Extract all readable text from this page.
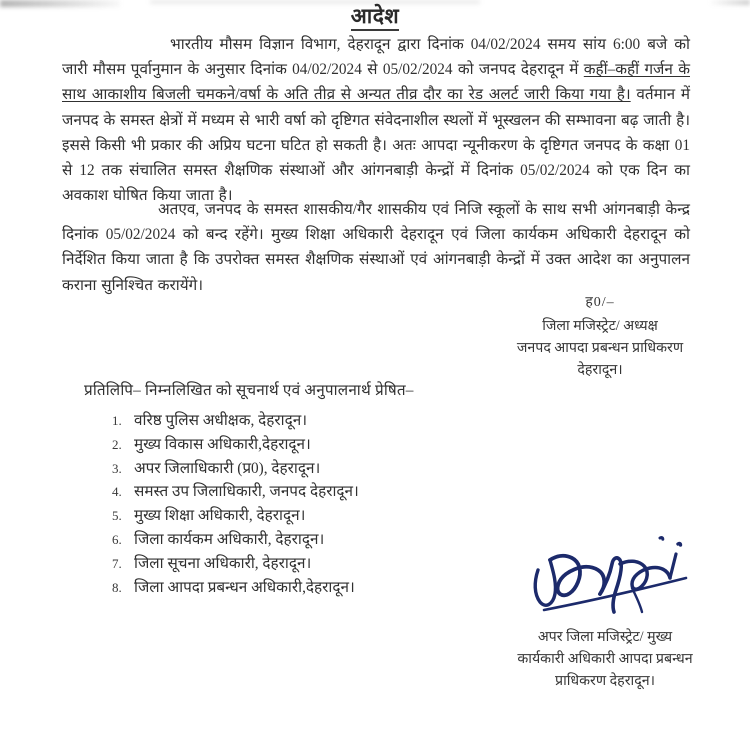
आदेश
भारतीय मौसम विज्ञान विभाग, देहरादून द्वारा दिनांक 04/02/2024 समय सांय 6:00 बजे को जारी मौसम पूर्वानुमान के अनुसार दिनांक 04/02/2024 से 05/02/2024 को जनपद देहरादून में कहीं–कहीं गर्जन के साथ आकाशीय बिजली चमकने/वर्षा के अति तीव्र से अन्यत तीव्र दौर का रेड अलर्ट जारी किया गया है। वर्तमान में जनपद के समस्त क्षेत्रों में मध्यम से भारी वर्षा को दृष्टिगत संवेदनाशील स्थलों में भूस्खलन की सम्भावना बढ़ जाती है। इससे किसी भी प्रकार की अप्रिय घटना घटित हो सकती है। अतः आपदा न्यूनीकरण के दृष्टिगत जनपद के कक्षा 01 से 12 तक संचालित समस्त शैक्षणिक संस्थाओं और आंगनबाड़ी केन्द्रों में दिनांक 05/02/2024 को एक दिन का अवकाश घोषित किया जाता है।
अतएव, जनपद के समस्त शासकीय/गैर शासकीय एवं निजि स्कूलों के साथ सभी आंगनबाड़ी केन्द्र दिनांक 05/02/2024 को बन्द रहेंगे। मुख्य शिक्षा अधिकारी देहरादून एवं जिला कार्यकम अधिकारी देहरादून को निर्देशित किया जाता है कि उपरोक्त समस्त शैक्षणिक संस्थाओं एवं आंगनबाड़ी केन्द्रों में उक्त आदेश का अनुपालन कराना सुनिश्चित करायेंगे।
ह0/–
जिला मजिस्ट्रेट/ अध्यक्ष
जनपद आपदा प्रबन्धन प्राधिकरण
देहरादून।
प्रतिलिपि– निम्नलिखित को सूचनार्थ एवं अनुपालनार्थ प्रेषित–
1. वरिष्ठ पुलिस अधीक्षक, देहरादून।
2. मुख्य विकास अधिकारी,देहरादून।
3. अपर जिलाधिकारी (प्र0), देहरादून।
4. समस्त उप जिलाधिकारी, जनपद देहरादून।
5. मुख्य शिक्षा अधिकारी, देहरादून।
6. जिला कार्यकम अधिकारी, देहरादून।
7. जिला सूचना अधिकारी, देहरादून।
8. जिला आपदा प्रबन्धन अधिकारी,देहरादून।
अपर जिला मजिस्ट्रेट/ मुख्य
कार्यकारी अधिकारी आपदा प्रबन्धन
प्राधिकरण देहरादून।
